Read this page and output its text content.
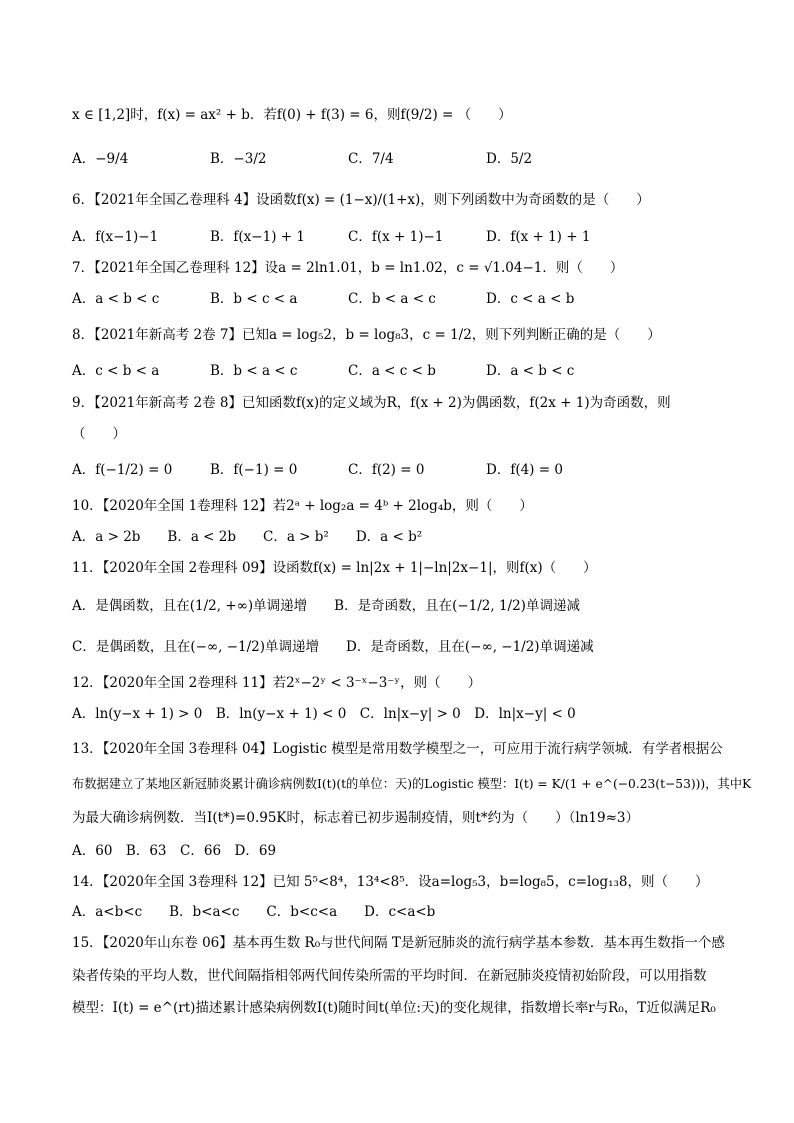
x ∈ [1,2]时，f(x) = ax² + b．若f(0) + f(3) = 6，则f(9/2) = （　　）
A．−9/4	B．−3/2	C．7/4	D．5/2
6．【2021年全国乙卷理科 4】设函数f(x) = (1−x)/(1+x)，则下列函数中为奇函数的是（　　）
A．f(x−1)−1	B．f(x−1) + 1	C．f(x + 1)−1	D．f(x + 1) + 1
7．【2021年全国乙卷理科 12】设a = 2ln1.01，b = ln1.02，c = √1.04−1．则（　　）
A．a < b < c	B．b < c < a	C．b < a < c	D．c < a < b
8．【2021年新高考 2卷 7】已知a = log₅2，b = log₈3，c = 1/2，则下列判断正确的是（　　）
A．c < b < a	B．b < a < c	C．a < c < b	D．a < b < c
9．【2021年新高考 2卷 8】已知函数f(x)的定义域为R，f(x + 2)为偶函数，f(2x + 1)为奇函数，则
（　　）
A．f(−1/2) = 0	B．f(−1) = 0	C．f(2) = 0	D．f(4) = 0
10．【2020年全国 1卷理科 12】若2ᵃ + log₂a = 4ᵇ + 2log₄b，则（　　）
A．a > 2b　　B．a < 2b　　C．a > b²　　D．a < b²
11．【2020年全国 2卷理科 09】设函数f(x) = ln|2x + 1|−ln|2x−1|，则f(x)（　　）
A．是偶函数，且在(1/2, +∞)单调递增　　B．是奇函数，且在(−1/2, 1/2)单调递减
C．是偶函数，且在(−∞, −1/2)单调递增　　D．是奇函数，且在(−∞, −1/2)单调递减
12．【2020年全国 2卷理科 11】若2ˣ−2ʸ < 3⁻ˣ−3⁻ʸ，则（　　）
A．ln(y−x + 1) > 0　B．ln(y−x + 1) < 0　C．ln|x−y| > 0　D．ln|x−y| < 0
13．【2020年全国 3卷理科 04】Logistic 模型是常用数学模型之一，可应用于流行病学领城．有学者根据公
布数据建立了某地区新冠肺炎累计确诊病例数I(t)(t的单位：天)的Logistic 模型：I(t) = K/(1 + e^(−0.23(t−53)))，其中K
为最大确诊病例数．当I(t*)=0.95K时，标志着已初步遏制疫情，则t*约为（　　）（ln19≈3）
A．60　B．63　C．66　D．69
14．【2020年全国 3卷理科 12】已知 5⁵<8⁴，13⁴<8⁵．设a=log₅3，b=log₈5，c=log₁₃8，则（　　）
A．a<b<c　　B．b<a<c　　C．b<c<a　　D．c<a<b
15．【2020年山东卷 06】基本再生数 R₀与世代间隔 T是新冠肺炎的流行病学基本参数．基本再生数指一个感
染者传染的平均人数，世代间隔指相邻两代间传染所需的平均时间．在新冠肺炎疫情初始阶段，可以用指数
模型：I(t) = e^(rt)描述累计感染病例数I(t)随时间t(单位:天)的变化规律，指数增长率r与R₀，T近似满足R₀
